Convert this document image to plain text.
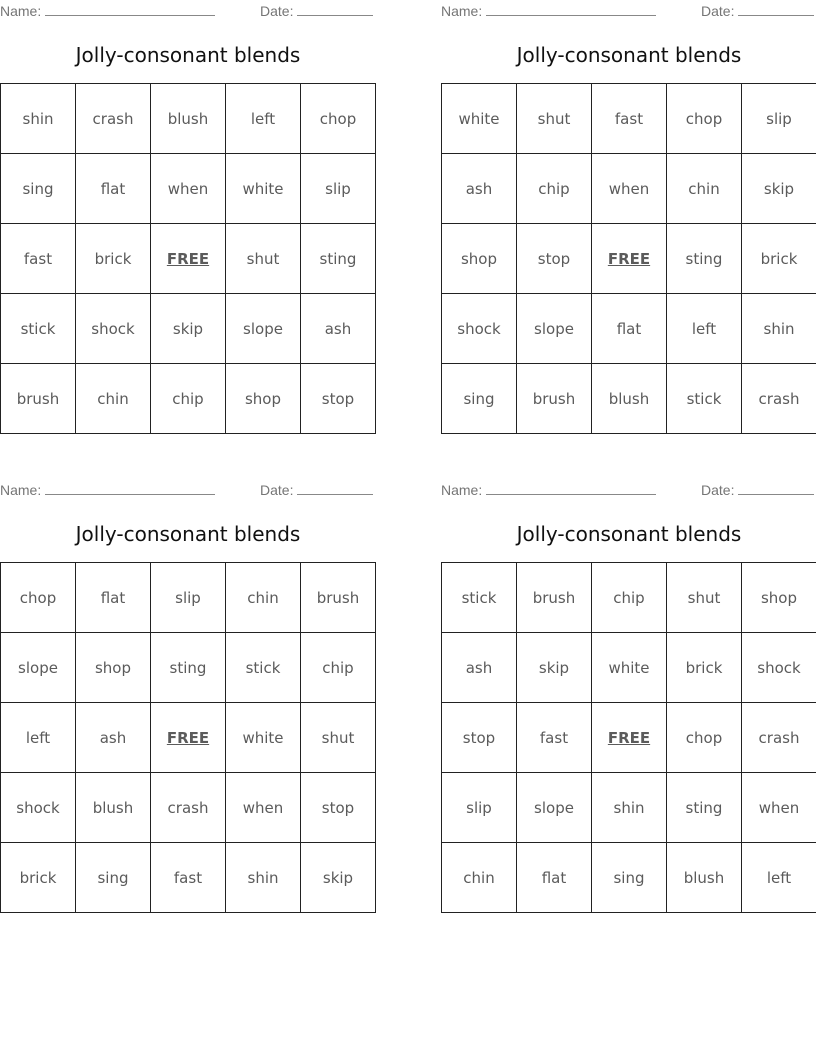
Name:	Date:
Jolly-consonant blends
shin	crash	blush	left	chop
sing	flat	when	white	slip
fast	brick	FREE	shut	sting
stick	shock	skip	slope	ash
brush	chin	chip	shop	stop
Name:	Date:
Jolly-consonant blends
white	shut	fast	chop	slip
ash	chip	when	chin	skip
shop	stop	FREE	sting	brick
shock	slope	flat	left	shin
sing	brush	blush	stick	crash
Name:	Date:
Jolly-consonant blends
chop	flat	slip	chin	brush
slope	shop	sting	stick	chip
left	ash	FREE	white	shut
shock	blush	crash	when	stop
brick	sing	fast	shin	skip
Name:	Date:
Jolly-consonant blends
stick	brush	chip	shut	shop
ash	skip	white	brick	shock
stop	fast	FREE	chop	crash
slip	slope	shin	sting	when
chin	flat	sing	blush	left
